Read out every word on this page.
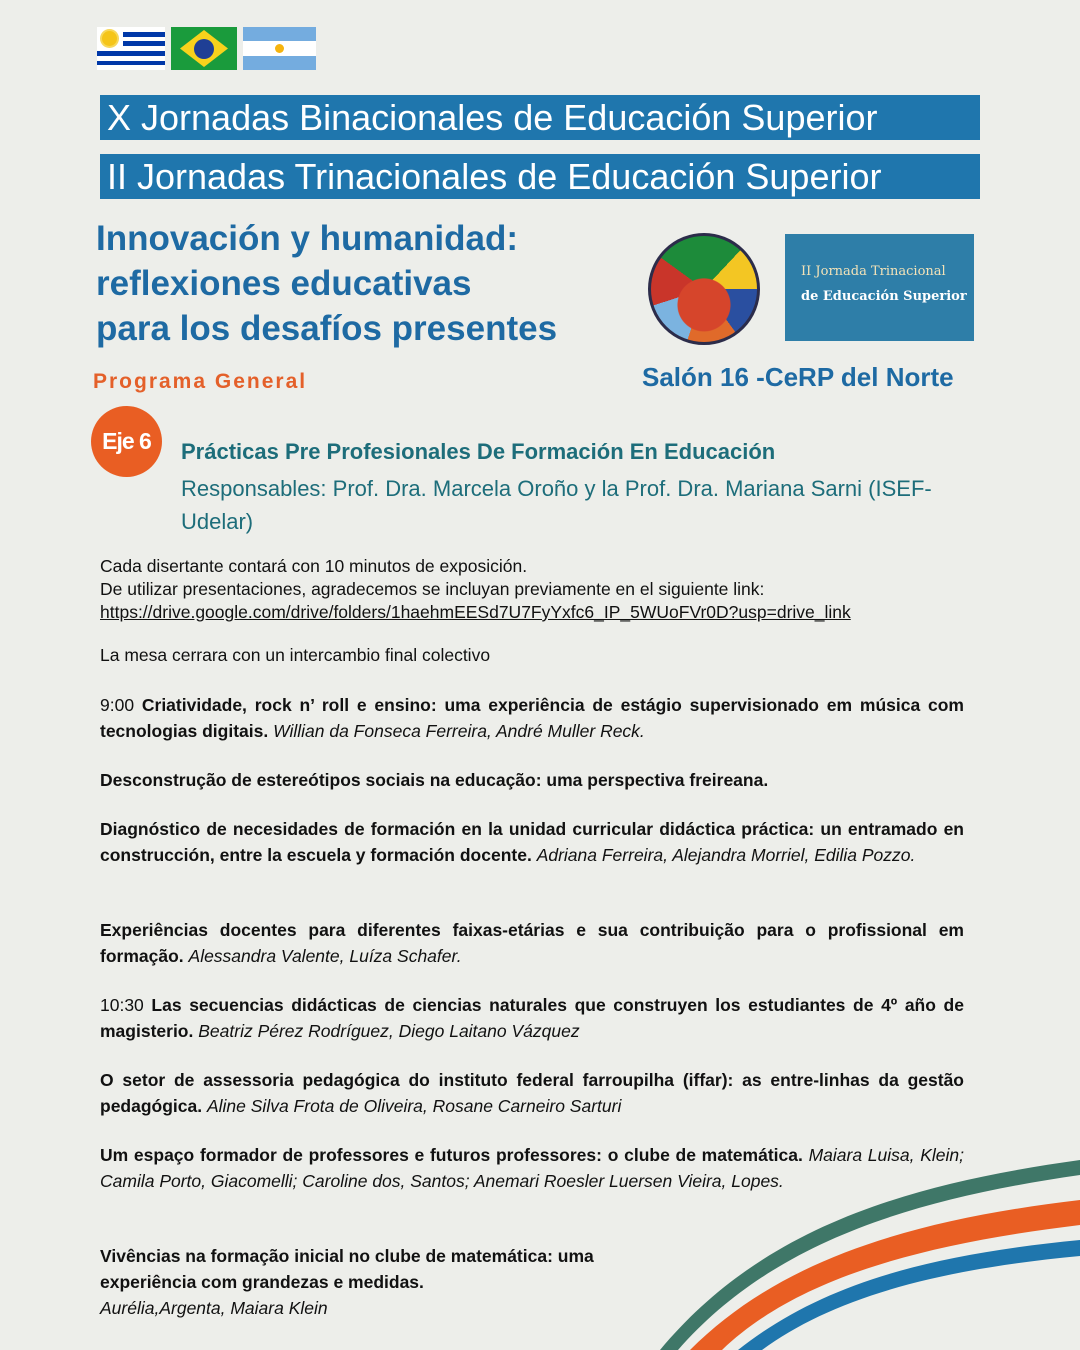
X Jornadas Binacionales de Educación Superior
II Jornadas Trinacionales de Educación Superior
Innovación y humanidad:
reflexiones educativas
para los desafíos presentes
II Jornada Trinacional
de Educación Superior
Programa General	Salón 16 -CeRP del Norte
Eje 6	Prácticas Pre Profesionales De Formación En Educación
Responsables: Prof. Dra. Marcela Oroño y la Prof. Dra. Mariana Sarni (ISEF-Udelar)
Cada disertante contará con 10 minutos de exposición.
De utilizar presentaciones, agradecemos se incluyan previamente en el siguiente link:
https://drive.google.com/drive/folders/1haehmEESd7U7FyYxfc6_IP_5WUoFVr0D?usp=drive_link
La mesa cerrara con un intercambio final colectivo
9:00 Criatividade, rock n’ roll e ensino: uma experiência de estágio supervisionado em música com tecnologias digitais. Willian da Fonseca Ferreira, André Muller Reck.
Desconstrução de estereótipos sociais na educação: uma perspectiva freireana.
Diagnóstico de necesidades de formación en la unidad curricular didáctica práctica: un entramado en construcción, entre la escuela y formación docente. Adriana Ferreira, Alejandra Morriel, Edilia Pozzo.
Experiências docentes para diferentes faixas-etárias e sua contribuição para o profissional em formação. Alessandra Valente, Luíza Schafer.
10:30 Las secuencias didácticas de ciencias naturales que construyen los estudiantes de 4º año de magisterio. Beatriz Pérez Rodríguez, Diego Laitano Vázquez
O setor de assessoria pedagógica do instituto federal farroupilha (iffar): as entre-linhas da gestão pedagógica. Aline Silva Frota de Oliveira, Rosane Carneiro Sarturi
Um espaço formador de professores e futuros professores: o clube de matemática. Maiara Luisa, Klein; Camila Porto, Giacomelli; Caroline dos, Santos; Anemari Roesler Luersen Vieira, Lopes.
Vivências na formação inicial no clube de matemática: uma experiência com grandezas e medidas.
Aurélia,Argenta, Maiara Klein
